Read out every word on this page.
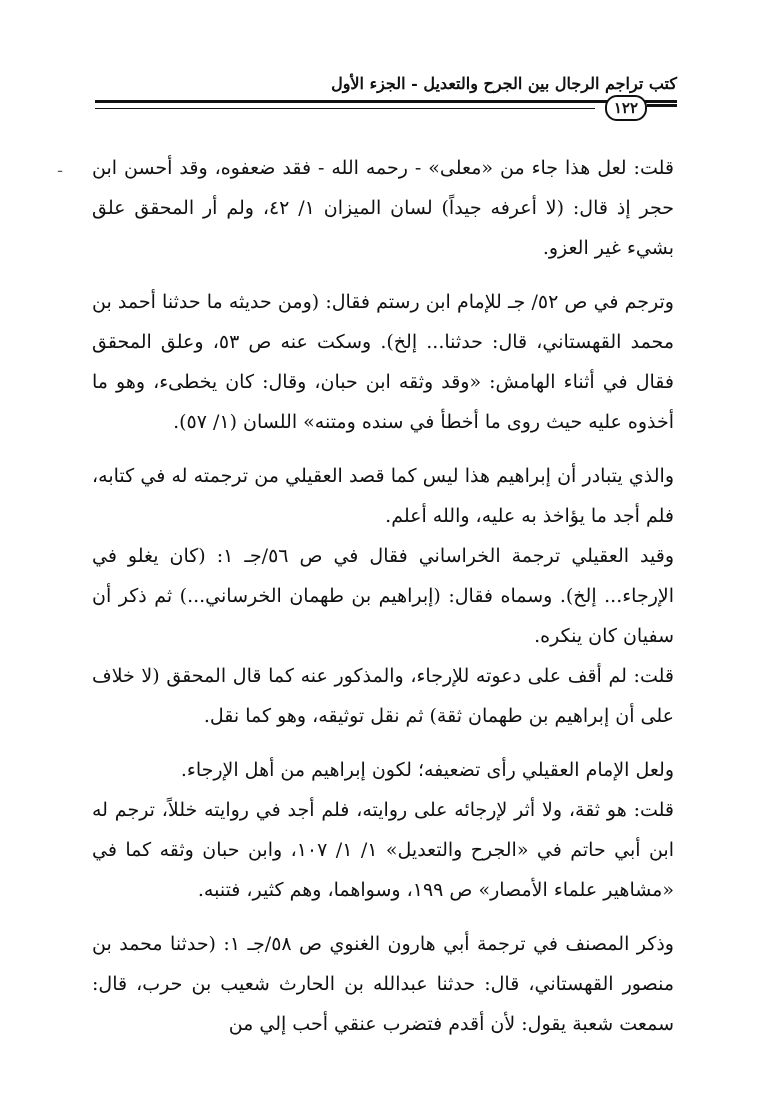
كتب تراجم الرجال بين الجرح والتعديل - الجزء الأول
١٢٢
ـ قلت: لعل هذا جاء من «معلى» - رحمه الله - فقد ضعفوه، وقد أحسن ابن حجر إذ قال: (لا أعرفه جيداً) لسان الميزان ١/ ٤٢، ولم أر المحقق علق بشيء غير العزو.

وترجم في ص ٥٢/ جـ للإمام ابن رستم فقال: (ومن حديثه ما حدثنا أحمد بن محمد القهستاني، قال: حدثنا... إلخ). وسكت عنه ص ٥٣، وعلق المحقق فقال في أثناء الهامش: «وقد وثقه ابن حبان، وقال: كان يخطىء، وهو ما أخذوه عليه حيث روى ما أخطأ في سنده ومتنه» اللسان (١/ ٥٧).

والذي يتبادر أن إبراهيم هذا ليس كما قصد العقيلي من ترجمته له في كتابه، فلم أجد ما يؤاخذ به عليه، والله أعلم.

وقيد العقيلي ترجمة الخراساني فقال في ص ٥٦/جـ ١: (كان يغلو في الإرجاء... إلخ). وسماه فقال: (إبراهيم بن طهمان الخرساني...) ثم ذكر أن سفيان كان ينكره.

قلت: لم أقف على دعوته للإرجاء، والمذكور عنه كما قال المحقق (لا خلاف على أن إبراهيم بن طهمان ثقة) ثم نقل توثيقه، وهو كما نقل.

ولعل الإمام العقيلي رأى تضعيفه؛ لكون إبراهيم من أهل الإرجاء.

قلت: هو ثقة، ولا أثر لإرجائه على روايته، فلم أجد في روايته خللاً، ترجم له ابن أبي حاتم في «الجرح والتعديل» ١/ ١/ ١٠٧، وابن حبان وثقه كما في «مشاهير علماء الأمصار» ص ١٩٩، وسواهما، وهم كثير، فتنبه.

وذكر المصنف في ترجمة أبي هارون الغنوي ص ٥٨/جـ ١: (حدثنا محمد بن منصور القهستاني، قال: حدثنا عبدالله بن الحارث شعيب بن حرب، قال: سمعت شعبة يقول: لأن أقدم فتضرب عنقي أحب إلي من
